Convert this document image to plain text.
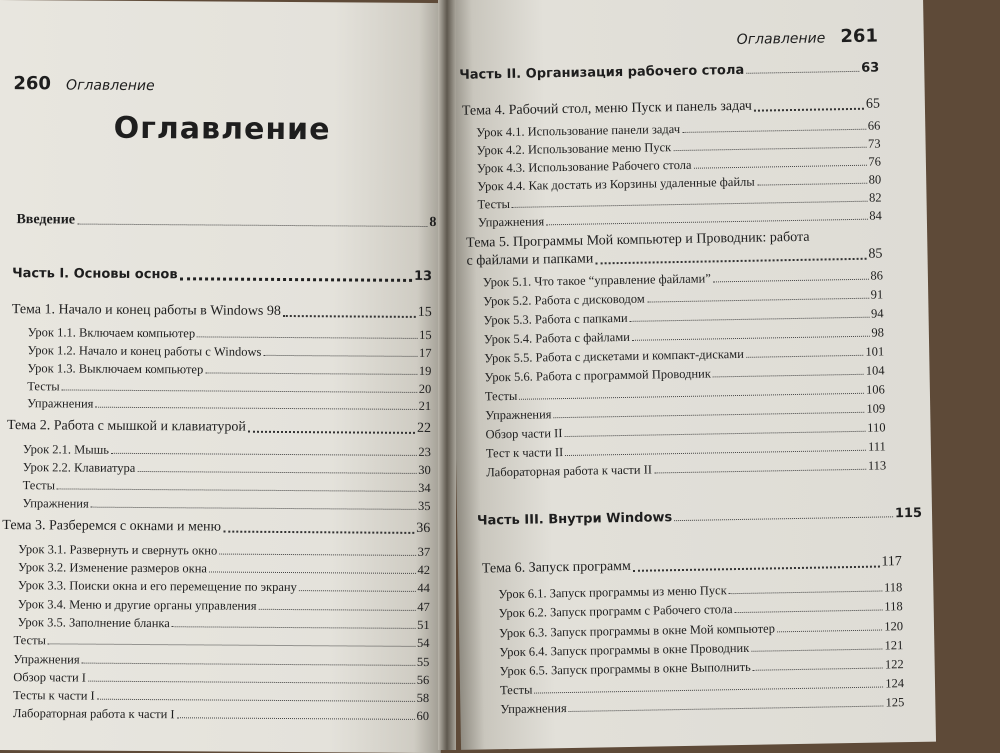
260 Оглавление
Оглавление
Введение	8
Часть I. Основы основ	13
Тема 1. Начало и конец работы в Windows 98	15
Урок 1.1. Включаем компьютер	15
Урок 1.2. Начало и конец работы с Windows	17
Урок 1.3. Выключаем компьютер	19
Тесты	20
Упражнения	21
Тема 2. Работа с мышкой и клавиатурой	22
Урок 2.1. Мышь	23
Урок 2.2. Клавиатура	30
Тесты	34
Упражнения	35
Тема 3. Разберемся с окнами и меню	36
Урок 3.1. Развернуть и свернуть окно	37
Урок 3.2. Изменение размеров окна	42
Урок 3.3. Поиски окна и его перемещение по экрану	44
Урок 3.4. Меню и другие органы управления	47
Урок 3.5. Заполнение бланка	51
Тесты	54
Упражнения	55
Обзор части I	56
Тесты к части I	58
Лабораторная работа к части I	60
Оглавление 261
Часть II. Организация рабочего стола	63
Тема 4. Рабочий стол, меню Пуск и панель задач	65
Урок 4.1. Использование панели задач	66
Урок 4.2. Использование меню Пуск	73
Урок 4.3. Использование Рабочего стола	76
Урок 4.4. Как достать из Корзины удаленные файлы	80
Тесты	82
Упражнения	84
Тема 5. Программы Мой компьютер и Проводник: работа
с файлами и папками	85
Урок 5.1. Что такое “управление файлами”	86
Урок 5.2. Работа с дисководом	91
Урок 5.3. Работа с папками	94
Урок 5.4. Работа с файлами	98
Урок 5.5. Работа с дискетами и компакт-дисками	101
Урок 5.6. Работа с программой Проводник	104
Тесты	106
Упражнения	109
Обзор части II	110
Тест к части II	111
Лабораторная работа к части II	113
Часть III. Внутри Windows	115
Тема 6. Запуск программ	117
Урок 6.1. Запуск программы из меню Пуск	118
Урок 6.2. Запуск программ с Рабочего стола	118
Урок 6.3. Запуск программы в окне Мой компьютер	120
Урок 6.4. Запуск программы в окне Проводник	121
Урок 6.5. Запуск программы в окне Выполнить	122
Тесты	124
Упражнения	125
